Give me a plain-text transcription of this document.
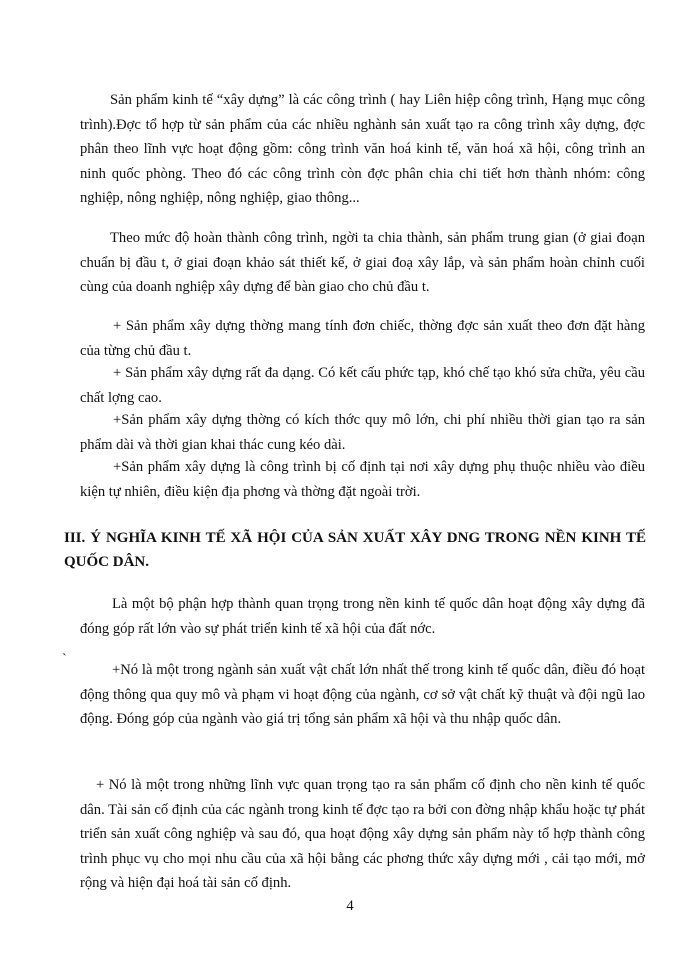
Sản phẩm kinh tế “xây dựng” là các công trình ( hay Liên hiệp công trình, Hạng mục công trình).Đợc tổ hợp từ sản phẩm của các nhiều nghành sản xuất tạo ra công trình xây dựng, đợc phân theo lĩnh vực hoạt động gồm: công trình văn hoá kinh tế, văn hoá xã hội, công trình an ninh quốc phòng. Theo đó các công trình còn đợc phân chia chi tiết hơn thành nhóm: công nghiệp, nông nghiệp, nông nghiệp, giao thông...

Theo mức độ hoàn thành công trình, ngời ta chia thành, sản phẩm trung gian (ở giai đoạn chuẩn bị đầu t, ở giai đoạn khảo sát thiết kế, ở giai đoạ xây lắp, và sản phẩm hoàn chỉnh cuối cùng của doanh nghiệp xây dựng để bàn giao cho chủ đầu t.

+ Sản phẩm xây dựng thờng mang tính đơn chiếc, thờng đợc sản xuất theo đơn đặt hàng của từng chủ đầu t.

+ Sản phẩm xây dựng rất đa dạng. Có kết cấu phức tạp, khó chế tạo khó sửa chữa, yêu cầu chất lợng cao.

+Sản phẩm xây dựng thờng có kích thớc quy mô lớn, chi phí nhiều thời gian tạo ra sản phẩm dài và thời gian khai thác cung kéo dài.

+Sản phẩm xây dựng là công trình bị cố định tại nơi xây dựng phụ thuộc nhiều vào điều kiện tự nhiên, điều kiện địa phơng và thờng đặt ngoài trời.

III. Ý NGHĨA KINH TẾ XÃ HỘI CỦA SẢN XUẤT XÂY DNG TRONG NỀN KINH TẾ QUỐC DÂN.

Là một bộ phận hợp thành quan trọng trong nền kinh tế quốc dân hoạt động xây dựng đã đóng góp rất lớn vào sự phát triển kinh tế xã hội của đất nớc.

`

+Nó là một trong ngành sản xuất vật chất lớn nhất thế trong kinh tế quốc dân, điều đó hoạt động thông qua quy mô và phạm vi hoạt động của ngành, cơ sở vật chất kỹ thuật và đội ngũ lao động. Đóng góp của ngành vào giá trị tổng sản phẩm xã hội và thu nhập quốc dân.

+ Nó là một trong những lĩnh vực quan trọng tạo ra sản phẩm cố định cho nền kinh tế quốc dân. Tài sản cố định của các ngành trong kinh tế đợc tạo ra bởi con đờng nhập khẩu hoặc tự phát triển sản xuất công nghiệp và sau đó, qua hoạt động xây dựng sản phẩm này tổ hợp thành công trình phục vụ cho mọi nhu cầu của xã hội bằng các phơng thức xây dựng mới , cải tạo mới, mở rộng và hiện đại hoá tài sản cố định.

4
